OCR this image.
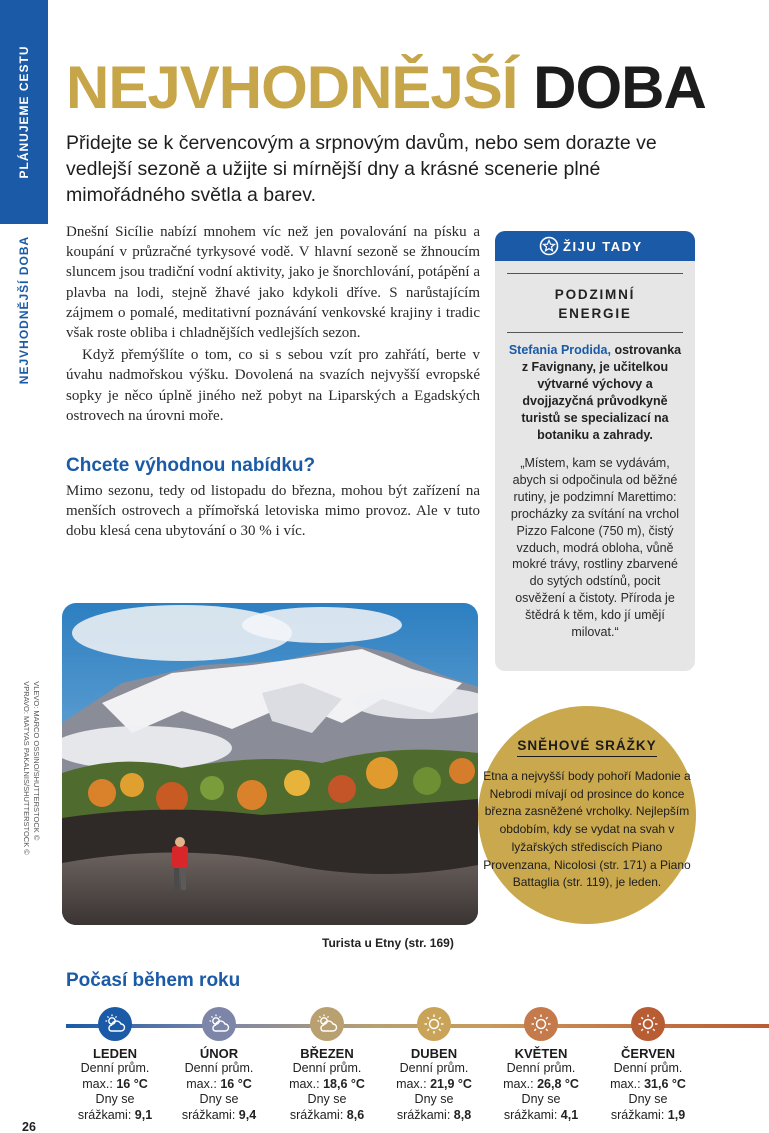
PLÁNUJEME CESTU
NEJVHODNĚJŠÍ DOBA
NEJVHODNĚJŠÍ DOBA

Přidejte se k červencovým a srpnovým davům, nebo sem dorazte ve vedlejší sezoně a užijte si mírnější dny a krásné scenerie plné mimořádného světla a barev.

Dnešní Sicílie nabízí mnohem víc než jen povalování na písku a koupání v průzračné tyrkysové vodě. V hlavní sezoně se žhnoucím sluncem jsou tradiční vodní aktivity, jako je šnorchlování, potápění a plavba na lodi, stejně žhavé jako kdykoli dříve. S narůstajícím zájmem o pomalé, meditativní poznávání venkovské krajiny i tradic však roste obliba i chladnějších vedlejších sezon.

Když přemýšlíte o tom, co si s sebou vzít pro zahřátí, berte v úvahu nadmořskou výšku. Dovolená na svazích nejvyšší evropské sopky je něco úplně jiného než pobyt na Liparských a Egadských ostrovech na úrovni moře.

Chcete výhodnou nabídku?
Mimo sezonu, tedy od listopadu do března, mohou být zařízení na menších ostrovech a přímořská letoviska mimo provoz. Ale v tuto dobu klesá cena ubytování o 30 % i víc.
VLEVO: MARCO OSSINO/SHUTTERSTOCK ©
VPRAVO: MATYAS PAKALNIS/SHUTTERSTOCK ©
Turista u Etny (str. 169)
ŽIJU TADY
PODZIMNÍ
ENERGIE
Stefania Prodida, ostrovanka z Favignany, je učitelkou výtvarné výchovy a dvojjazyčná průvodkyně turistů se specializací na botaniku a zahrady.
„Místem, kam se vydávám, abych si odpočinula od běžné rutiny, je podzimní Marettimo: procházky za svítání na vrchol Pizzo Falcone (750 m), čistý vzduch, modrá obloha, vůně mokré trávy, rostliny zbarvené do sytých odstínů, pocit osvěžení a čistoty. Příroda je štědrá k těm, kdo jí umějí milovat.“
SNĚHOVÉ SRÁŽKY
Etna a nejvyšší body pohoří Madonie a Nebrodi mívají od prosince do konce března zasněžené vrcholky. Nejlepším obdobím, kdy se vydat na svah v lyžařských střediscích Piano Provenzana, Nicolosi (str. 171) a Piano Battaglia (str. 119), je leden.
Počasí během roku
LEDEN
Denní prům.
max.: 16 °C
Dny se
srážkami: 9,1
ÚNOR
Denní prům.
max.: 16 °C
Dny se
srážkami: 9,4
BŘEZEN
Denní prům.
max.: 18,6 °C
Dny se
srážkami: 8,6
DUBEN
Denní prům.
max.: 21,9 °C
Dny se
srážkami: 8,8
KVĚTEN
Denní prům.
max.: 26,8 °C
Dny se
srážkami: 4,1
ČERVEN
Denní prům.
max.: 31,6 °C
Dny se
srážkami: 1,9
26
